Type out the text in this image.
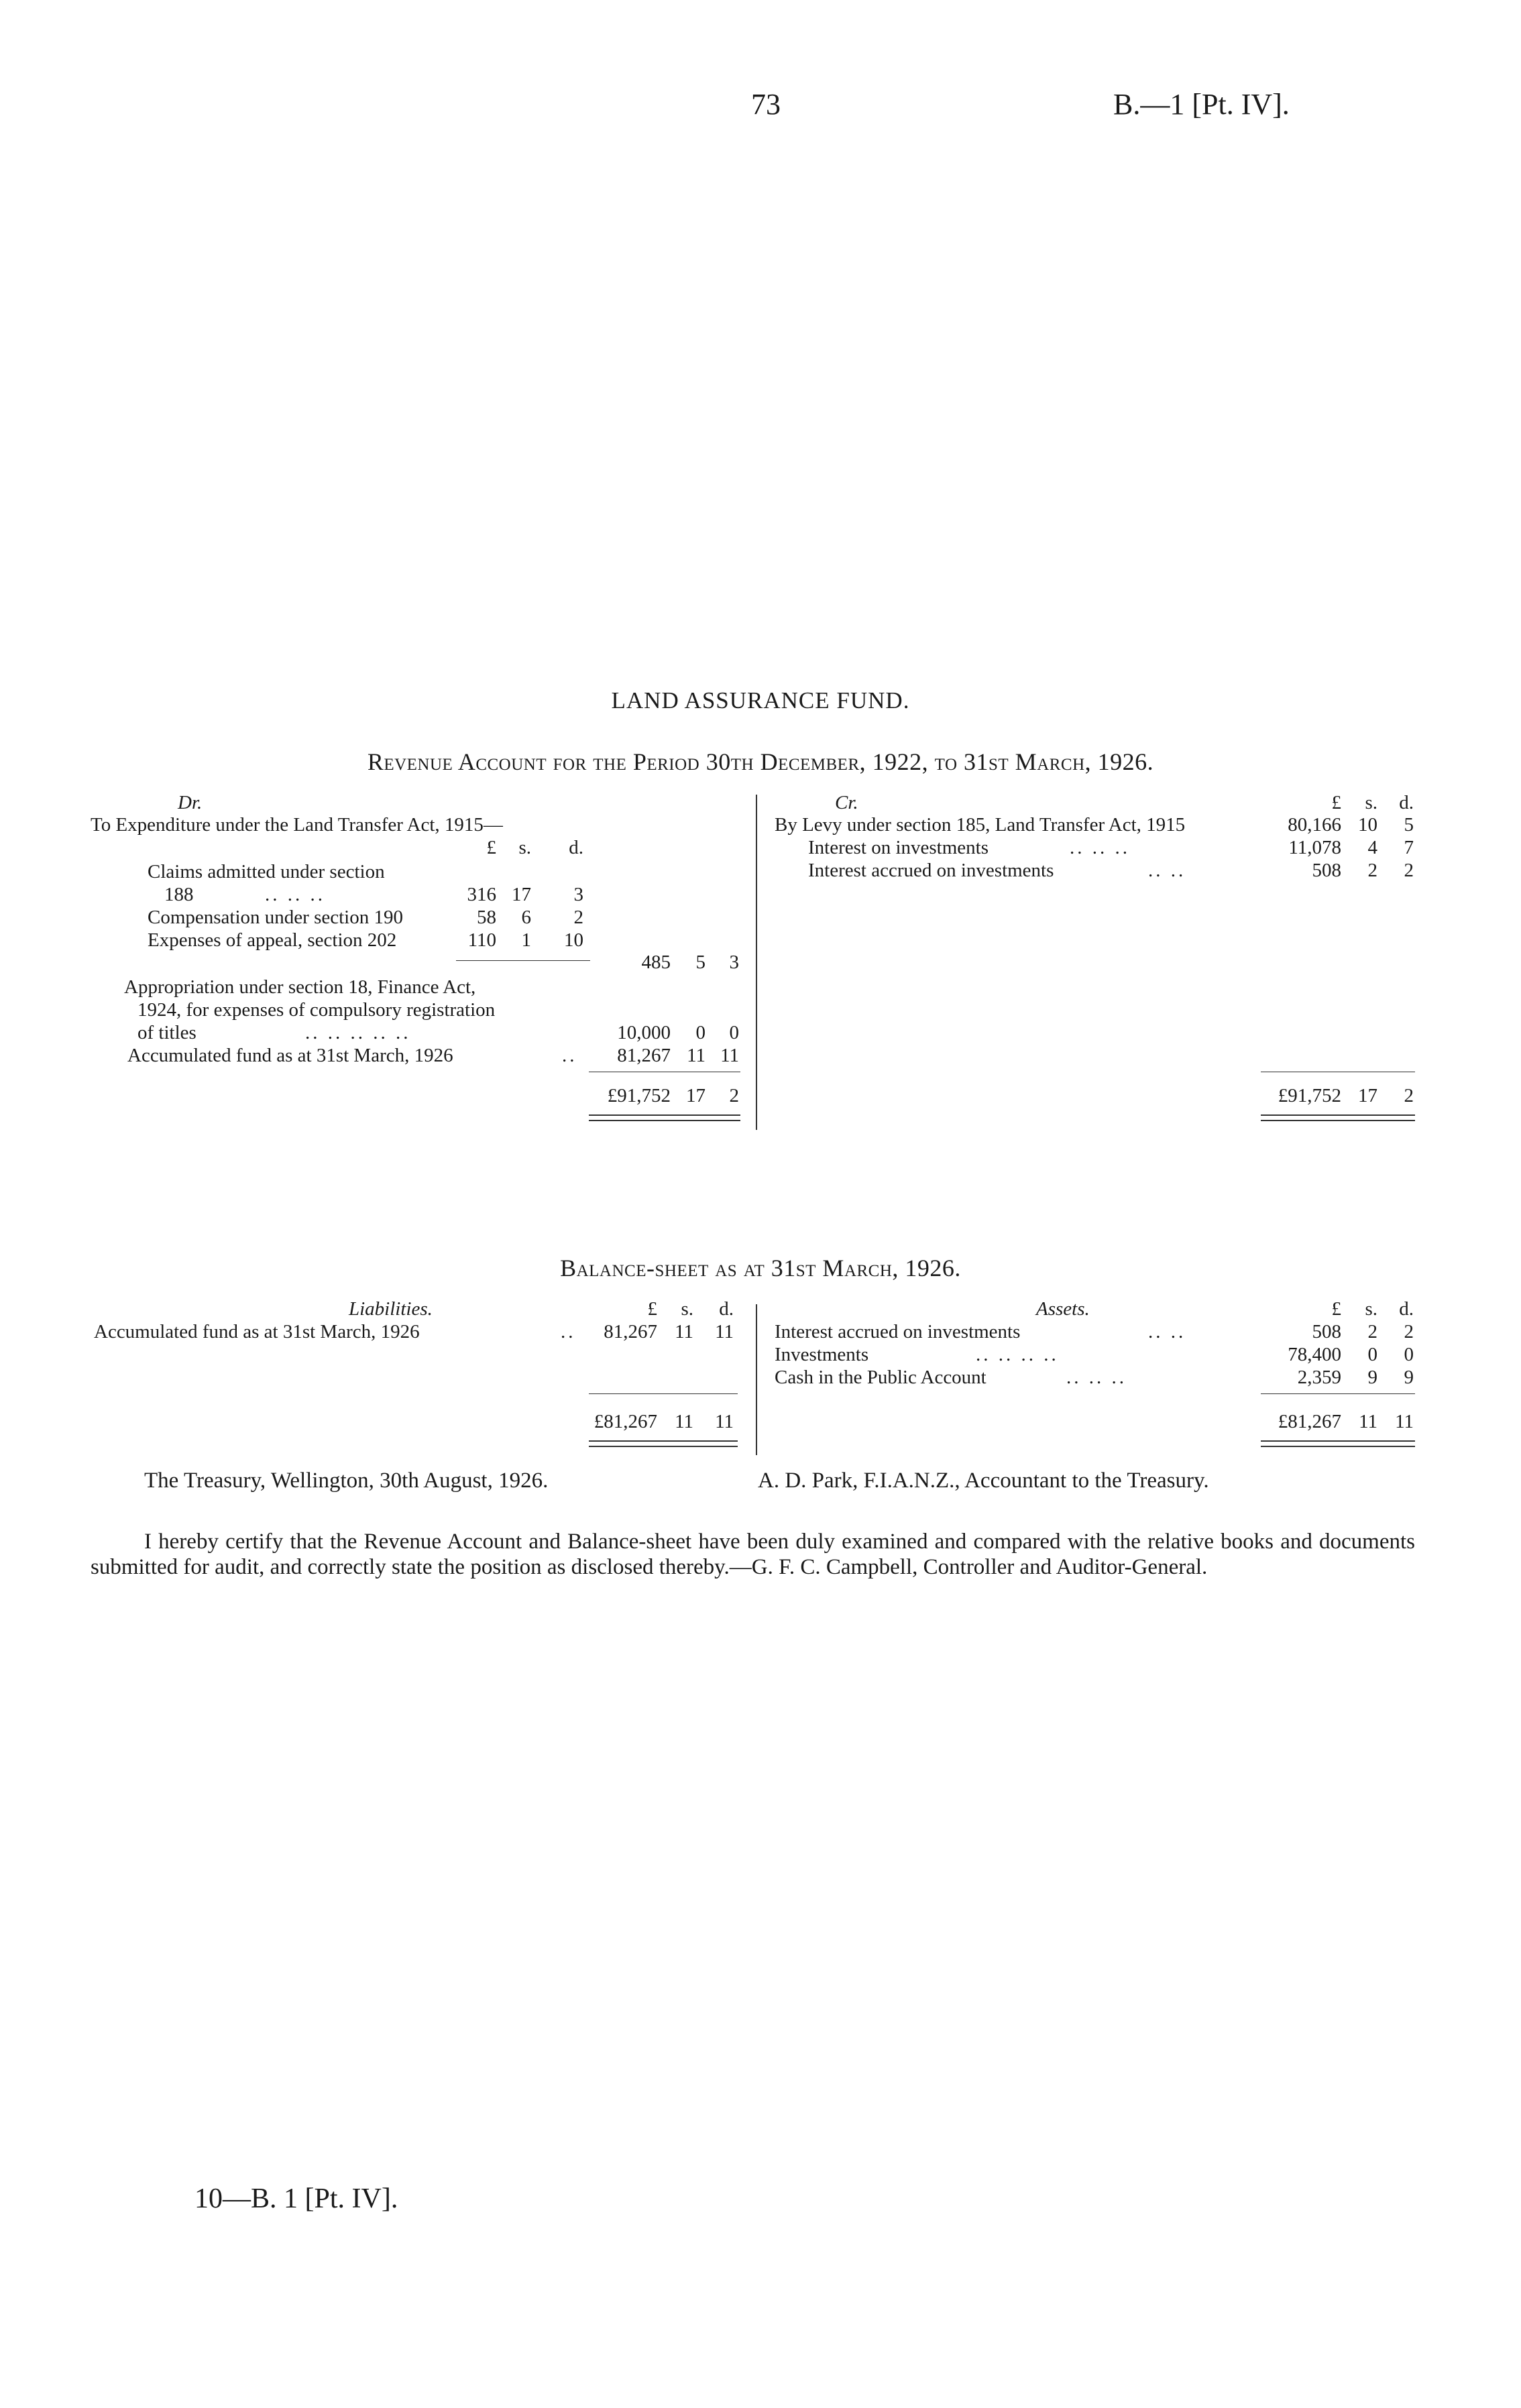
73	B.—1 [Pt. IV].
LAND ASSURANCE FUND.
Revenue Account for the Period 30th December, 1922, to 31st March, 1926.
Dr.
To Expenditure under the Land Transfer Act, 1915—
£	s.	d.
Claims admitted under section
188	.. .. ..	316 17	3
Compensation under section 190	58	6	2
Expenses of appeal, section 202	110	1	10
485	5	3
Appropriation under section 18, Finance Act,
1924, for expenses of compulsory registration
of titles	.. .. .. .. ..	10,000	0	0
Accumulated fund as at 31st March, 1926	..	81,267 11 11
£91,752 17	2
Cr.	£	s.	d.
By Levy under section 185, Land Transfer Act, 1915	80,166 10	5
Interest on investments	.. .. ..	11,078	4	7
Interest accrued on investments	.. ..	508	2	2
£91,752 17	2
Balance-sheet as at 31st March, 1926.
Liabilities.	£	s.	d.
Accumulated fund as at 31st March, 1926	..	81,267 11	11
£81,267 11	11
Assets.	£	s.	d.
Interest accrued on investments	.. ..	508	2	2
Investments	.. .. .. ..	78,400	0	0
Cash in the Public Account	.. .. ..	2,359	9	9
£81,267 11 11
The Treasury, Wellington, 30th August, 1926.	A. D. Park, F.I.A.N.Z., Accountant to the Treasury.
I hereby certify that the Revenue Account and Balance-sheet have been duly examined and compared with the relative books and documents submitted for audit, and correctly state the position as disclosed thereby.—G. F. C. Campbell, Controller and Auditor-General.
10—B. 1 [Pt. IV].
